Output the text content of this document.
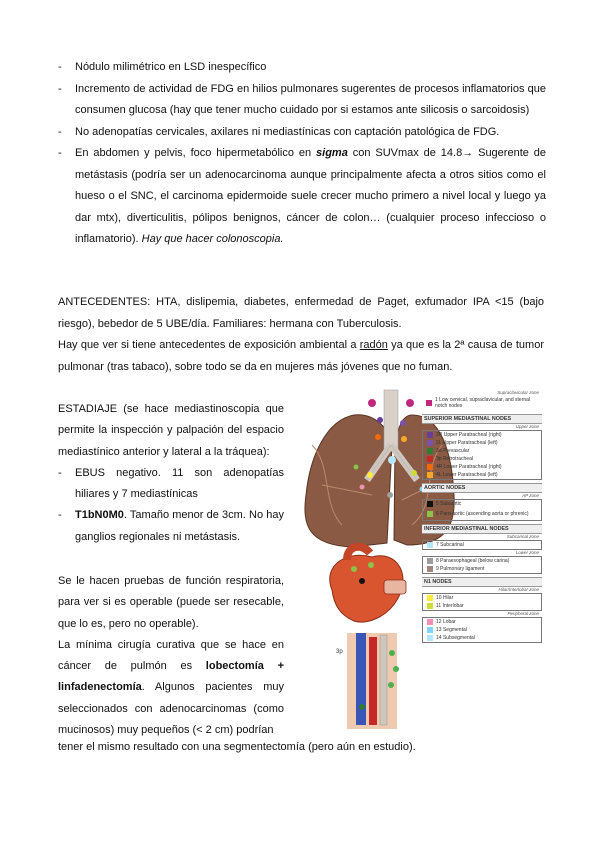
- Nódulo milimétrico en LSD inespecífico
- Incremento de actividad de FDG en hilios pulmonares sugerentes de procesos inflamatorios que consumen glucosa (hay que tener mucho cuidado por si estamos ante silicosis o sarcoidosis)
- No adenopatías cervicales, axilares ni mediastínicas con captación patológica de FDG.
- En abdomen y pelvis, foco hipermetabólico en sigma con SUVmax de 14.8→ Sugerente de metástasis (podría ser un adenocarcinoma aunque principalmente afecta a otros sitios como el hueso o el SNC, el carcinoma epidermoide suele crecer mucho primero a nivel local y luego ya dar mtx), diverticulitis, pólipos benignos, cáncer de colon… (cualquier proceso infeccioso o inflamatorio). Hay que hacer colonoscopia.

ANTECEDENTES: HTA, dislipemia, diabetes, enfermedad de Paget, exfumador IPA <15 (bajo riesgo), bebedor de 5 UBE/día. Familiares: hermana con Tuberculosis.

Hay que ver si tiene antecedentes de exposición ambiental a radón ya que es la 2ª causa de tumor pulmonar (tras tabaco), sobre todo se da en mujeres más jóvenes que no fuman.

ESTADIAJE (se hace mediastinoscopia que permite la inspección y palpación del espacio mediastínico anterior y lateral a la tráquea):

- EBUS negativo. 11 son adenopatías hiliares y 7 mediastínicas
- T1bN0M0. Tamaño menor de 3cm. No hay ganglios regionales ni metástasis.

Se le hacen pruebas de función respiratoria, para ver si es operable (puede ser resecable, que lo es, pero no operable).

La mínima cirugía curativa que se hace en cáncer de pulmón es lobectomía + linfadenectomía. Algunos pacientes muy seleccionados con adenocarcinomas (como mucinosos) muy pequeños (< 2 cm) podrían

tener el mismo resultado con una segmentectomía (pero aún en estudio).

3p
Supraclavicular zone
1 Low cervical, supraclavicular, and sternal notch nodes
SUPERIOR MEDIASTINAL NODES
Upper zone
2R Upper Paratracheal (right)
2L Upper Paratracheal (left)
3a Prevascular
3p Retrotracheal
4R Lower Paratracheal (right)
4L Lower Paratracheal (left)
AORTIC NODES
AP zone
5 Subaortic
6 Para-aortic (ascending aorta or phrenic)
INFERIOR MEDIASTINAL NODES
Subcarinal zone
7 Subcarinal
Lower zone
8 Paraesophageal (below carina)
9 Pulmonary ligament
N1 NODES
Hilar/Interlobar zone
10 Hilar
11 Interlobar
Peripheral zone
12 Lobar
13 Segmental
14 Subsegmental
